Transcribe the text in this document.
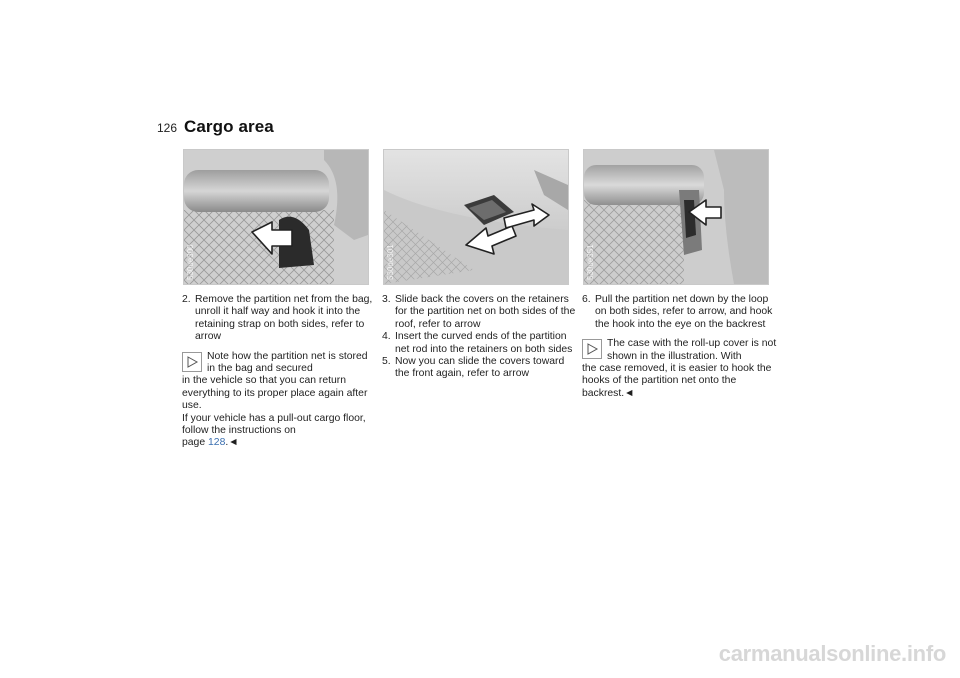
126 Cargo area
530de300	530de301	530de351
2. Remove the partition net from the bag, unroll it half way and hook it into the retaining strap on both sides, refer to arrow
Note how the partition net is stored in the bag and secured
in the vehicle so that you can return everything to its proper place again after use.
If your vehicle has a pull-out cargo floor, follow the instructions on
page 128.◄
3. Slide back the covers on the retainers for the partition net on both sides of the roof, refer to arrow
4. Insert the curved ends of the partition net rod into the retainers on both sides
5. Now you can slide the covers toward the front again, refer to arrow
6. Pull the partition net down by the loop on both sides, refer to arrow, and hook the hook into the eye on the backrest
The case with the roll-up cover is not shown in the illustration. With
the case removed, it is easier to hook the hooks of the partition net onto the backrest.◄
carmanualsonline.info
